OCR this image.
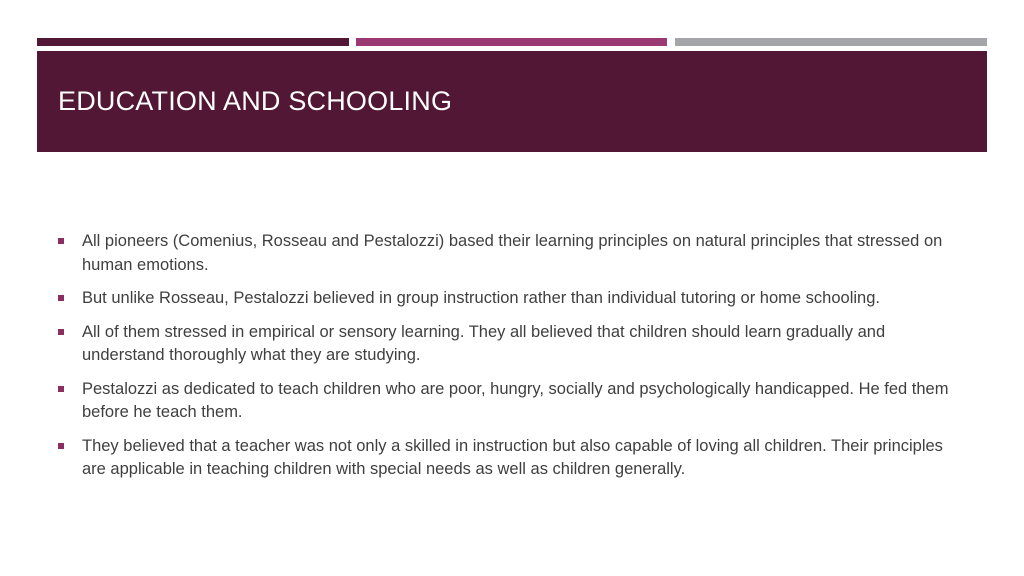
EDUCATION AND SCHOOLING
All pioneers (Comenius, Rosseau and Pestalozzi) based their learning principles on natural principles that stressed on human emotions.
But unlike Rosseau, Pestalozzi believed in group instruction rather than individual tutoring or home schooling.
All of them stressed in empirical or sensory learning. They all believed that children should learn gradually and understand thoroughly what they are studying.
Pestalozzi as dedicated to teach children who are poor, hungry, socially and psychologically handicapped. He fed them before he teach them.
They believed that a teacher was not only a skilled in instruction but also capable of loving all children. Their principles are applicable in teaching children with special needs as well as children generally.
